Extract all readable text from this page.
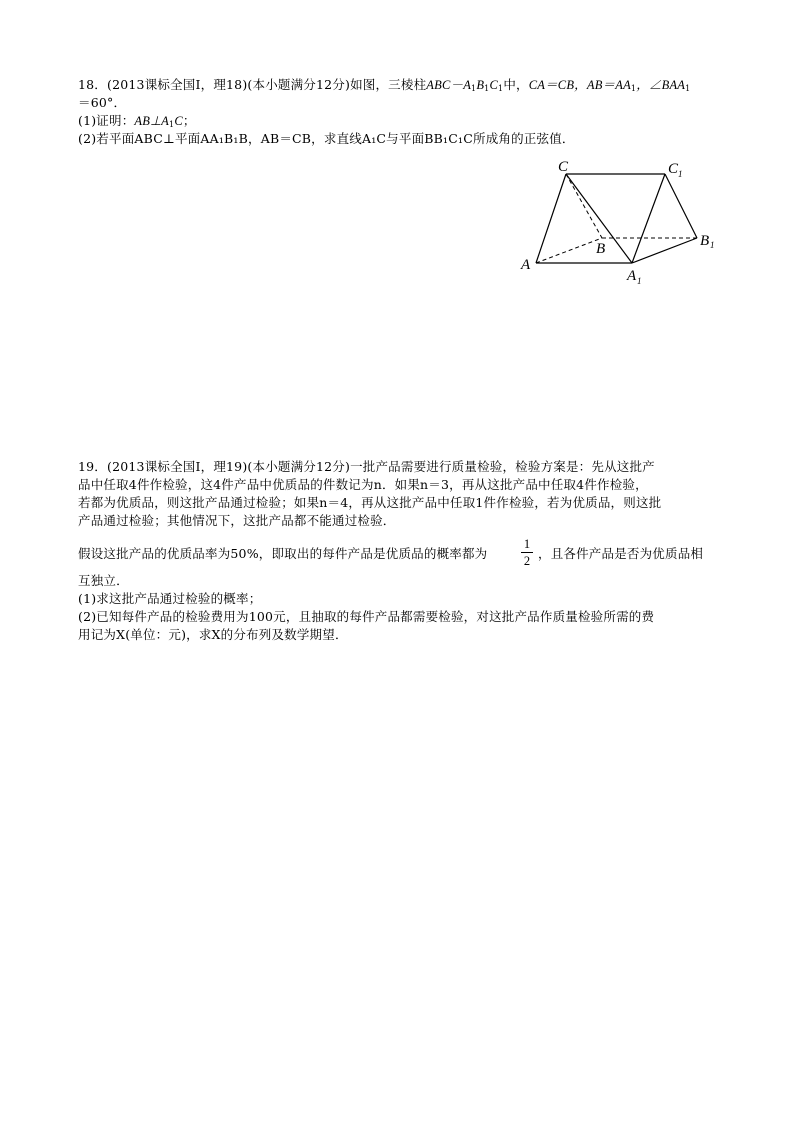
18．(2013课标全国Ⅰ，理18)(本小题满分12分)如图，三棱柱$ABC-A_1B_1C_1$中，CA＝CB，$AB=AA_1$，$\angle BAA_1$
＝60°．
(1)证明：$AB\perp A_1C$；
(2)若平面ABC⊥平面AA₁B₁B，AB＝CB，求直线A₁C与平面BB₁C₁C所成角的正弦值．
C	C 1
B	B 1
A
A 1
19．(2013课标全国Ⅰ，理19)(本小题满分12分)一批产品需要进行质量检验，检验方案是：先从这批产
品中任取4件作检验，这4件产品中优质品的件数记为n．如果n＝3，再从这批产品中任取4件作检验，
若都为优质品，则这批产品通过检验；如果n＝4，再从这批产品中任取1件作检验，若为优质品，则这批
产品通过检验；其他情况下，这批产品都不能通过检验．
假设这批产品的优质品率为50%，即取出的每件产品是优质品的概率都为
1
2 ，且各件产品是否为优质品相
互独立．
(1)求这批产品通过检验的概率；
(2)已知每件产品的检验费用为100元，且抽取的每件产品都需要检验，对这批产品作质量检验所需的费
用记为X(单位：元)，求X的分布列及数学期望．
